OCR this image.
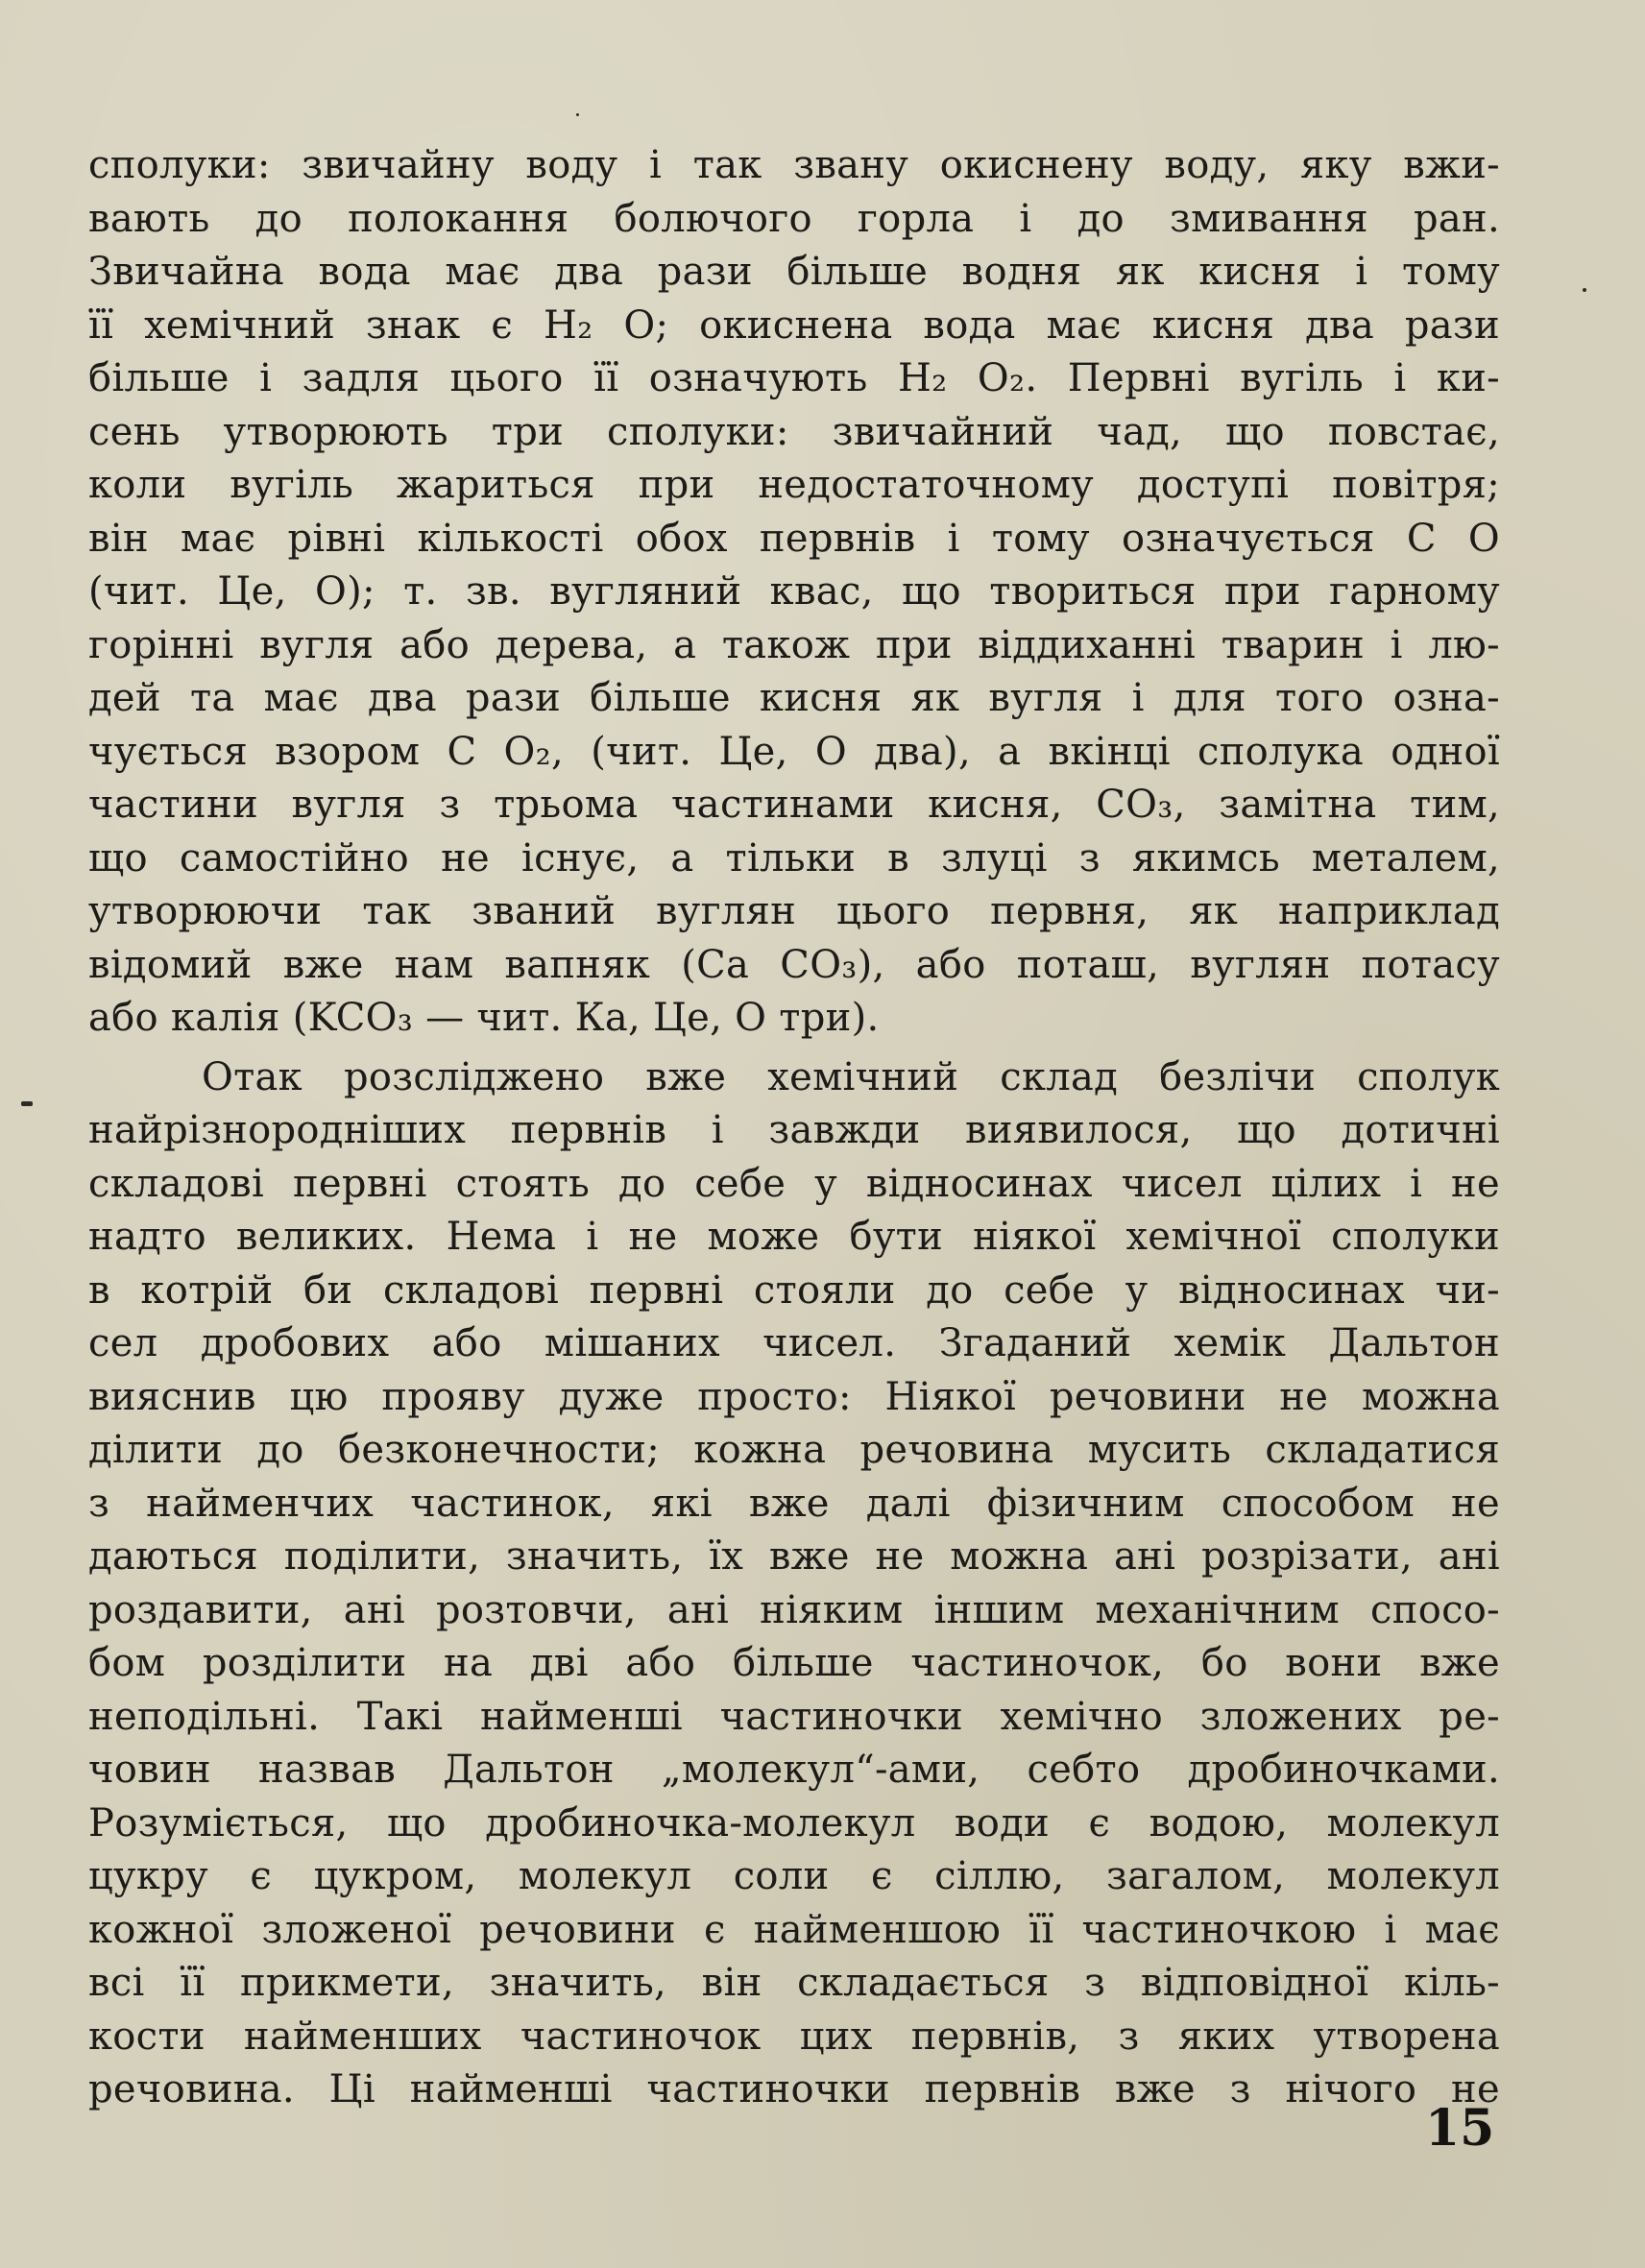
сполуки: звичайну воду і так звану окиснену воду, яку вжи-
вають до полокання болючого горла і до змивання ран.
Звичайна вода має два рази більше водня як кисня і тому
її хемічний знак є H₂ O; окиснена вода має кисня два рази
більше і задля цього її означують H₂ O₂. Первні вугіль і ки-
сень утворюють три сполуки: звичайний чад, що повстає,
коли вугіль жариться при недостаточному доступі повітря;
він має рівні кількості обох первнів і тому означується C O
(чит. Це, О); т. зв. вугляний квас, що твориться при гарному
горінні вугля або дерева, а також при віддиханні тварин і лю-
дей та має два рази більше кисня як вугля і для того озна-
чується взором C O₂, (чит. Це, О два), а вкінці сполука одної
частини вугля з трьома частинами кисня, CO₃, замітна тим,
що самостійно не існує, а тільки в злуці з якимсь металем,
утворюючи так званий вуглян цього первня, як наприклад
відомий вже нам вапняк (Ca CO₃), або поташ, вуглян потасу
або калія (KCO₃ — чит. Ка, Це, О три).
Отак розсліджено вже хемічний склад безлічи сполук
найрізнородніших первнів і завжди виявилося, що дотичні
складові первні стоять до себе у відносинах чисел цілих і не
надто великих. Нема і не може бути ніякої хемічної сполуки
в котрій би складові первні стояли до себе у відносинах чи-
сел дробових або мішаних чисел. Згаданий хемік Дальтон
вияснив цю прояву дуже просто: Ніякої речовини не можна
ділити до безконечности; кожна речовина мусить складатися
з найменчих частинок, які вже далі фізичним способом не
даються поділити, значить, їх вже не можна ані розрізати, ані
роздавити, ані розтовчи, ані ніяким іншим механічним спосо-
бом розділити на дві або більше частиночок, бо вони вже
неподільні. Такі найменші частиночки хемічно зложених ре-
човин назвав Дальтон „молекул“-ами, себто дробиночками.
Розуміється, що дробиночка-молекул води є водою, молекул
цукру є цукром, молекул соли є сіллю, загалом, молекул
кожної зложеної речовини є найменшою її частиночкою і має
всі її прикмети, значить, він складається з відповідної кіль-
кости найменших частиночок цих первнів, з яких утворена
речовина. Ці найменші частиночки первнів вже з нічого не
15
